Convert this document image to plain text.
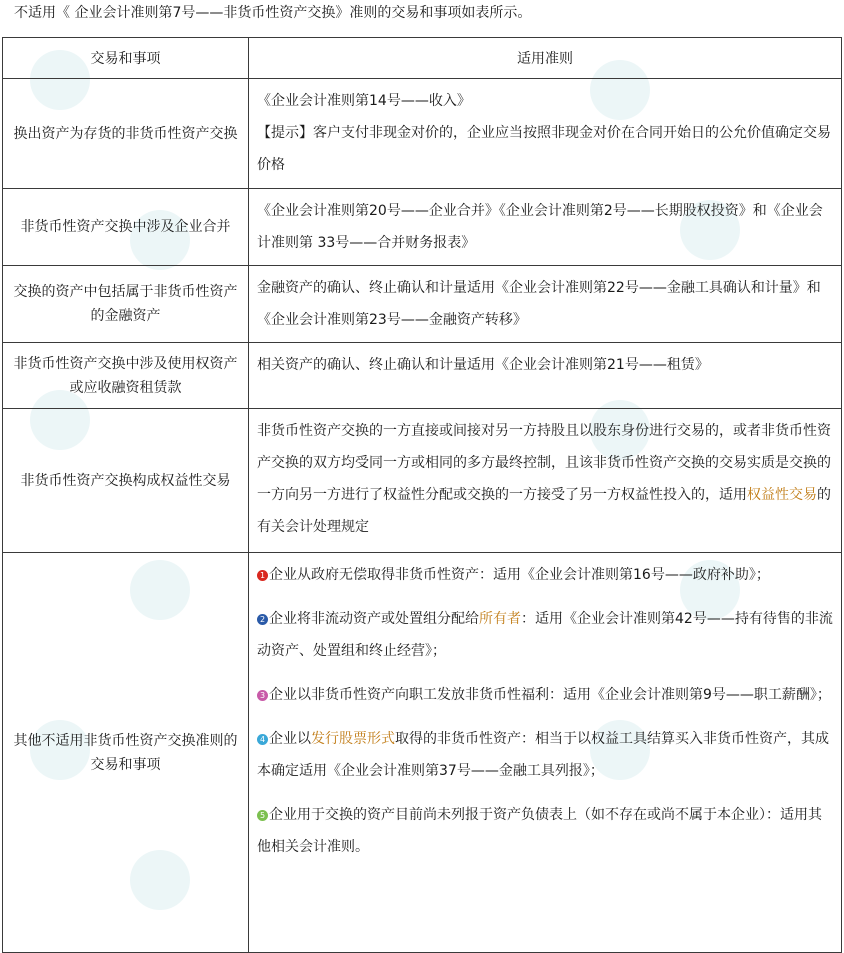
不适用《 企业会计准则第7号——非货币性资产交换》准则的交易和事项如表所示。
交易和事项	适用准则
换出资产为存货的非货币性资产交换	《企业会计准则第14号——收入》
【提示】客户支付非现金对价的，企业应当按照非现金对价在合同开始日的公允价值确定交易价格

非货币性资产交换中涉及企业合并	《企业会计准则第20号——企业合并》《企业会计准则第2号——长期股权投资》和《企业会计准则第 33号——合并财务报表》
交换的资产中包括属于非货币性资产的金融资产	金融资产的确认、终止确认和计量适用《企业会计准则第22号——金融工具确认和计量》和《企业会计准则第23号——金融资产转移》
非货币性资产交换中涉及使用权资产或应收融资租赁款	相关资产的确认、终止确认和计量适用《企业会计准则第21号——租赁》
非货币性资产交换构成权益性交易	非货币性资产交换的一方直接或间接对另一方持股且以股东身份进行交易的，或者非货币性资产交换的双方均受同一方或相同的多方最终控制，且该非货币性资产交换的交易实质是交换的一方向另一方进行了权益性分配或交换的一方接受了另一方权益性投入的，适用权益性交易的有关会计处理规定
其他不适用非货币性资产交换准则的交易和事项	1 企业从政府无偿取得非货币性资产：适用《企业会计准则第16号——政府补助》；
2 企业将非流动资产或处置组分配给所有者：适用《企业会计准则第42号——持有待售的非流动资产、处置组和终止经营》；
3 企业以非货币性资产向职工发放非货币性福利：适用《企业会计准则第9号——职工薪酬》；
4 企业以发行股票形式取得的非货币性资产：相当于以权益工具结算买入非货币性资产，其成本确定适用《企业会计准则第37号——金融工具列报》；
5 企业用于交换的资产目前尚未列报于资产负债表上（如不存在或尚不属于本企业）：适用其他相关会计准则。
